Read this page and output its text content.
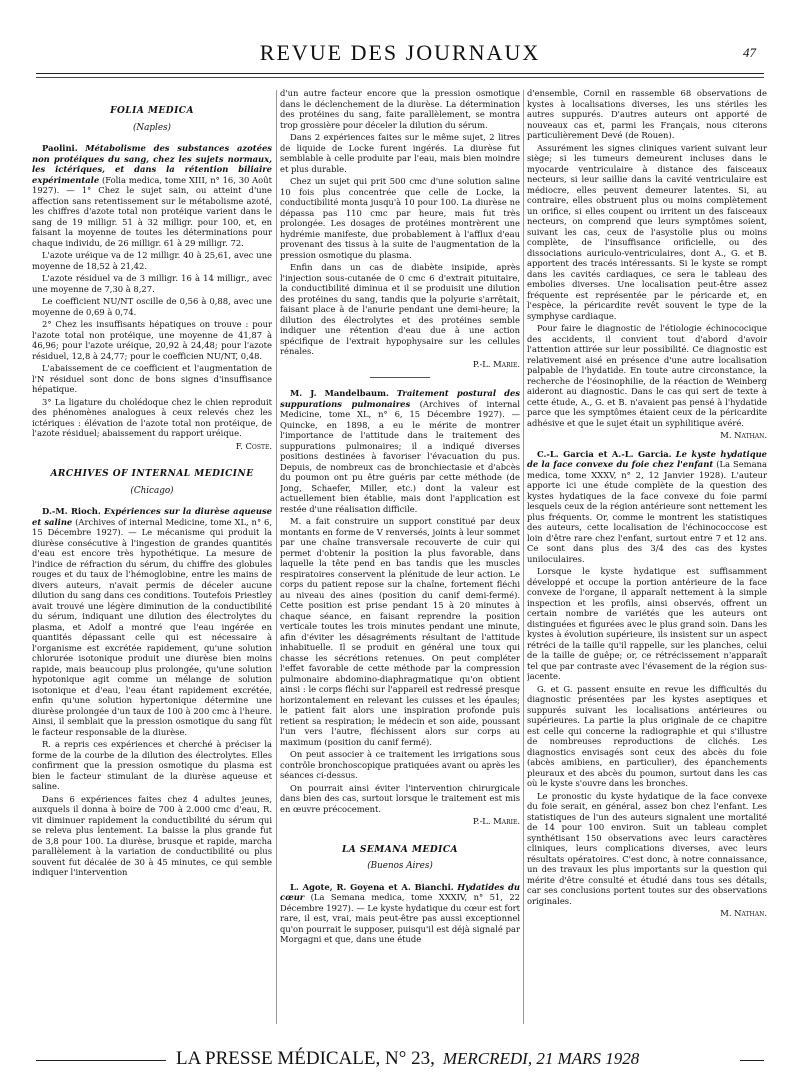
REVUE DES JOURNAUX	47
FOLIA MEDICA
(Naples)

Paolini. Métabolisme des substances azotées non protéiques du sang, chez les sujets normaux, les ictériques, et dans la rétention biliaire expérimentale (Folia medica, tome XIII, n° 16, 30 Août 1927). — 1° Chez le sujet sain, ou atteint d'une affection sans retentissement sur le métabolisme azoté, les chiffres d'azote total non protéique varient dans le sang de 19 milligr. 51 à 32 milligr. pour 100, et, en faisant la moyenne de toutes les déterminations pour chaque individu, de 26 milligr. 61 à 29 milligr. 72.

L'azote uréique va de 12 milligr. 40 à 25,61, avec une moyenne de 18,52 à 21,42.

L'azote résiduel va de 3 milligr. 16 à 14 milligr., avec une moyenne de 7,30 à 8,27.

Le coefficient NU/NT oscille de 0,56 à 0,88, avec une moyenne de 0,69 à 0,74.

2° Chez les insuffisants hépatiques on trouve : pour l'azote total non protéique, une moyenne de 41,87 à 46,96; pour l'azote uréique, 20,92 à 24,48; pour l'azote résiduel, 12,8 à 24,77; pour le coefficien NU/NT, 0,48.

L'abaissement de ce coefficient et l'augmentation de l'N résiduel sont donc de bons signes d'insuffisance hépatique.

3° La ligature du cholédoque chez le chien reproduit des phénomènes analogues à ceux relevés chez les ictériques : élévation de l'azote total non protéique, de l'azote résiduel; abaissement du rapport uréique.

F. Coste.
ARCHIVES OF INTERNAL MEDICINE
(Chicago)

D.-M. Rioch. Expériences sur la diurèse aqueuse et saline (Archives of internal Medicine, tome XL, n° 6, 15 Décembre 1927). — Le mécanisme qui produit la diurèse consécutive à l'ingestion de grandes quantités d'eau est encore très hypothétique. La mesure de l'indice de réfraction du sérum, du chiffre des globules rouges et du taux de l'hémoglobine, entre les mains de divers auteurs, n'avait permis de déceler aucune dilution du sang dans ces conditions. Toutefois Priestley avait trouvé une légère diminution de la conductibilité du sérum, indiquant une dilution des électrolytes du plasma, et Adolf a montré que l'eau ingérée en quantités dépassant celle qui est nécessaire à l'organisme est excrétée rapidement, qu'une solution chlorurée isotonique produit une diurèse bien moins rapide, mais beaucoup plus prolongée, qu'une solution hypotonique agit comme un mélange de solution isotonique et d'eau, l'eau étant rapidement excrétée, enfin qu'une solution hypertonique détermine une diurèse prolongée d'un taux de 100 à 200 cmc à l'heure. Ainsi, il semblait que la pression osmotique du sang fût le facteur responsable de la diurèse.

R. a repris ces expériences et cherché à préciser la forme de la courbe de la dilution des électrolytes. Elles confirment que la pression osmotique du plasma est bien le facteur stimulant de la diurèse aqueuse et saline.

Dans 6 expériences faites chez 4 adultes jeunes, auxquels il donna à boire de 700 à 2.000 cmc d'eau, R. vit diminuer rapidement la conductibilité du sérum qui se releva plus lentement. La baisse la plus grande fut de 3,8 pour 100. La diurèse, brusque et rapide, marcha parallèlement à la variation de conductibilité ou plus souvent fut décalée de 30 à 45 minutes, ce qui semble indiquer l'intervention

d'un autre facteur encore que la pression osmotique dans le déclenchement de la diurèse. La détermination des protéines du sang, faite parallèlement, se montra trop grossière pour déceler la dilution du sérum.

Dans 2 expériences faites sur le même sujet, 2 litres de liquide de Locke furent ingérés. La diurèse fut semblable à celle produite par l'eau, mais bien moindre et plus durable.

Chez un sujet qui prit 500 cmc d'une solution saline 10 fois plus concentrée que celle de Locke, la conductibilité monta jusqu'à 10 pour 100. La diurèse ne dépassa pas 110 cmc par heure, mais fut très prolongée. Les dosages de protéines montrèrent une hydrémie manifeste, due probablement à l'afflux d'eau provenant des tissus à la suite de l'augmentation de la pression osmotique du plasma.

Enfin dans un cas de diabète insipide, après l'injection sous-cutanée de 0 cmc 6 d'extrait pituitaire, la conductibilité diminua et il se produisit une dilution des protéines du sang, tandis que la polyurie s'arrêtait, faisant place à de l'anurie pendant une demi-heure; la dilution des électrolytes et des protéines semble indiquer une rétention d'eau due à une action spécifique de l'extrait hypophysaire sur les cellules rénales.

P.-L. Marie.

M. J. Mandelbaum. Traitement postural des suppurations pulmonaires (Archives of internal Medicine, tome XL, n° 6, 15 Décembre 1927). — Quincke, en 1898, a eu le mérite de montrer l'importance de l'attitude dans le traitement des suppurations pulmonaires; il a indiqué diverses positions destinées à favoriser l'évacuation du pus. Depuis, de nombreux cas de bronchiectasie et d'abcès du poumon ont pu être guéris par cette méthode (de Jong, Schaefer, Miller, etc.) dont la valeur est actuellement bien établie, mais dont l'application est restée d'une réalisation difficile.

M. a fait construire un support constitué par deux montants en forme de V renversés, joints à leur sommet par une chaîne transversale recouverte de cuir qui permet d'obtenir la position la plus favorable, dans laquelle la tête pend en bas tandis que les muscles respiratoires conservent la plénitude de leur action. Le corps du patient repose sur la chaîne, fortement fléchi au niveau des aines (position du canif demi-fermé). Cette position est prise pendant 15 à 20 minutes à chaque séance, en faisant reprendre la position verticale toutes les trois minutes pendant une minute, afin d'éviter les désagréments résultant de l'attitude inhabituelle. Il se produit en général une toux qui chasse les sécrétions retenues. On peut compléter l'effet favorable de cette méthode par la compression pulmonaire abdomino-diaphragmatique qu'on obtient ainsi : le corps fléchi sur l'appareil est redressé presque horizontalement en relevant les cuisses et les épaules; le patient fait alors une inspiration profonde puis retient sa respiration; le médecin et son aide, poussant l'un vers l'autre, fléchissent alors sur corps au maximum (position du canif fermé).

On peut associer à ce traitement les irrigations sous contrôle bronchoscopique pratiquées avant ou après les séances ci-dessus.

On pourrait ainsi éviter l'intervention chirurgicale dans bien des cas, surtout lorsque le traitement est mis en œuvre précocement.

P.-L. Marie.
LA SEMANA MEDICA
(Buenos Aires)

L. Agote, R. Goyena et A. Bianchi. Hydatides du cœur (La Semana medica, tome XXXIV, n° 51, 22 Décembre 1927). — Le kyste hydatique du cœur est fort rare, il est, vrai, mais peut-être pas aussi exceptionnel qu'on pourrait le supposer, puisqu'il est déjà signalé par Morgagni et que, dans une étude

d'ensemble, Cornil en rassemble 68 observations de kystes à localisations diverses, les uns stériles les autres suppurés. D'autres auteurs ont apporté de nouveaux cas et, parmi les Français, nous citerons particulièrement Devé (de Rouen).

Assurément les signes cliniques varient suivant leur siège; si les tumeurs demeurent incluses dans le myocarde ventriculaire à distance des faisceaux necteurs, si leur saillie dans la cavité ventriculaire est médiocre, elles peuvent demeurer latentes. Si, au contraire, elles obstruent plus ou moins complètement un orifice, si elles coupent ou irritent un des faisceaux necteurs, on comprend que leurs symptômes soient, suivant les cas, ceux de l'asystolie plus ou moins complète, de l'insuffisance orificielle, ou des dissociations auriculo-ventriculaires, dont A., G. et B. apportent des tracés intéressants. Si le kyste se rompt dans les cavités cardiaques, ce sera le tableau des embolies diverses. Une localisation peut-être assez fréquente est représentée par le péricarde et, en l'espèce, la péricardite revêt souvent le type de la symphyse cardiaque.

Pour faire le diagnostic de l'étiologie échinococique des accidents, il convient tout d'abord d'avoir l'attention attirée sur leur possibilité. Ce diagnostic est relativement aisé en présence d'une autre localisation palpable de l'hydatide. En toute autre circonstance, la recherche de l'éosinophilie, de la réaction de Weinberg aideront au diagnostic. Dans le cas qui sert de texte à cette étude, A., G. et B. n'avaient pas pensé à l'hydatide parce que les symptômes étaient ceux de la péricardite adhésive et que le sujet était un syphilitique avéré.

M. Nathan.

C.-L. Garcia et A.-L. Garcia. Le kyste hydatique de la face convexe du foie chez l'enfant (La Semana medica, tome XXXV, n° 2, 12 Janvier 1928). L'auteur apporte ici une étude complète de la question des kystes hydatiques de la face convexe du foie parmi lesquels ceux de la région antérieure sont nettement les plus fréquents. Or, comme le montrent les statistiques des auteurs, cette localisation de l'échinococcose est loin d'être rare chez l'enfant, surtout entre 7 et 12 ans. Ce sont dans plus des 3/4 des cas des kystes uniloculaires.

Lorsque le kyste hydatique est suffisamment développé et occupe la portion antérieure de la face convexe de l'organe, il apparaît nettement à la simple inspection et les profils, ainsi observés, offrent un certain nombre de variétés que les auteurs ont distinguées et figurées avec le plus grand soin. Dans les kystes à évolution supérieure, ils insistent sur un aspect rétréci de la taille qu'il rappelle, sur les planches, celui de la taille de guêpe; or, ce rétrécissement n'apparaît tel que par contraste avec l'évasement de la région sus-jacente.

G. et G. passent ensuite en revue les difficultés du diagnostic présentées par les kystes aseptiques et suppurés suivant les localisations antérieures ou supérieures. La partie la plus originale de ce chapitre est celle qui concerne la radiographie et qui s'illustre de nombreuses reproductions de clichés. Les diagnostics envisagés sont ceux des abcès du foie (abcès amibiens, en particulier), des épanchements pleuraux et des abcès du poumon, surtout dans les cas où le kyste s'ouvre dans les bronches.

Le pronostic du kyste hydatique de la face convexe du foie serait, en général, assez bon chez l'enfant. Les statistiques de l'un des auteurs signalent une mortalité de 14 pour 100 environ. Suit un tableau complet synthétisant 150 observations avec leurs caractères cliniques, leurs complications diverses, avec leurs résultats opératoires. C'est donc, à notre connaissance, un des travaux les plus importants sur la question qui mérite d'être consulté et étudié dans tous ses détails, car ses conclusions portent toutes sur des observations originales.

M. Nathan.
LA PRESSE MÉDICALE, N° 23, MERCREDI, 21 MARS 1928
